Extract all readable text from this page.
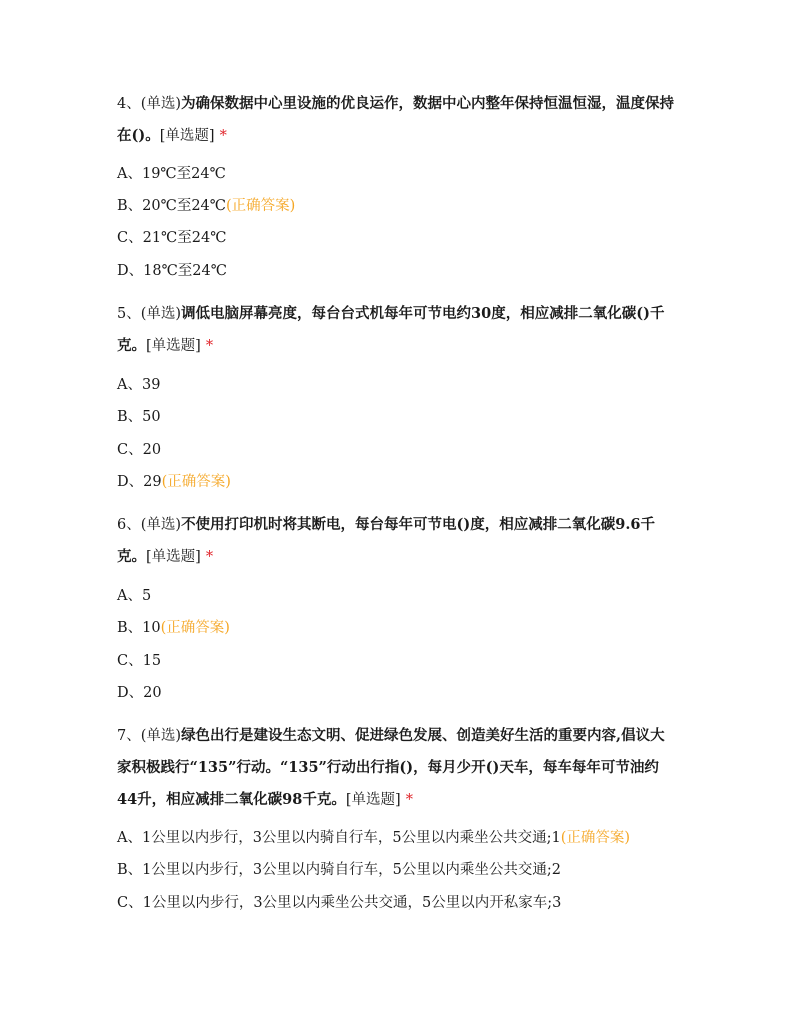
4、(单选)为确保数据中心里设施的优良运作，数据中心内整年保持恒温恒湿，温度保持在()。[单选题] *
A、19℃至24℃
B、20℃至24℃(正确答案)
C、21℃至24℃
D、18℃至24℃
5、(单选)调低电脑屏幕亮度，每台台式机每年可节电约30度，相应减排二氧化碳()千克。[单选题] *
A、39
B、50
C、20
D、29(正确答案)
6、(单选)不使用打印机时将其断电，每台每年可节电()度，相应减排二氧化碳9.6千克。[单选题] *
A、5
B、10(正确答案)
C、15
D、20
7、(单选)绿色出行是建设生态文明、促进绿色发展、创造美好生活的重要内容,倡议大家积极践行“135”行动。“135”行动出行指()，每月少开()天车，每车每年可节油约44升，相应减排二氧化碳98千克。[单选题] *
A、1公里以内步行，3公里以内骑自行车，5公里以内乘坐公共交通;1(正确答案)
B、1公里以内步行，3公里以内骑自行车，5公里以内乘坐公共交通;2
C、1公里以内步行，3公里以内乘坐公共交通，5公里以内开私家车;3
